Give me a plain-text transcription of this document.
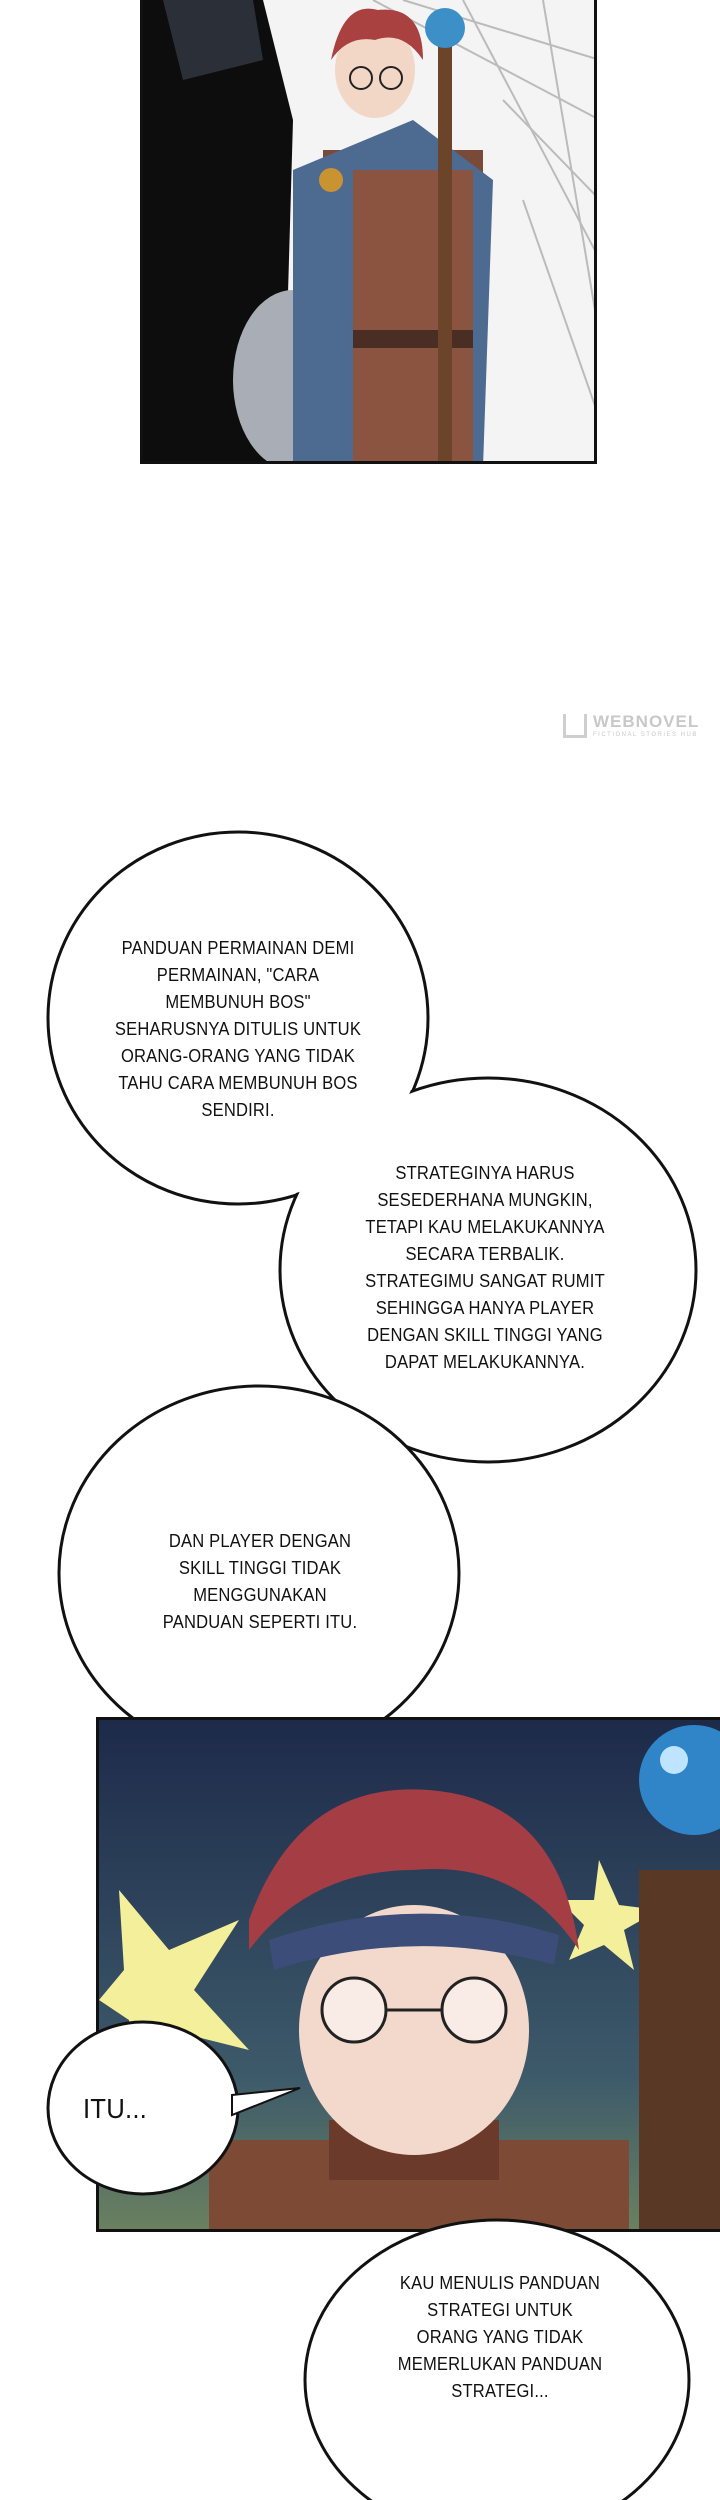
WEBNOVEL
FICTIONAL STORIES HUB
PANDUAN PERMAINAN DEMI
PERMAINAN, "CARA
MEMBUNUH BOS"
SEHARUSNYA DITULIS UNTUK
ORANG-ORANG YANG TIDAK
TAHU CARA MEMBUNUH BOS
SENDIRI.
STRATEGINYA HARUS
SESEDERHANA MUNGKIN,
TETAPI KAU MELAKUKANNYA
SECARA TERBALIK.
STRATEGIMU SANGAT RUMIT
SEHINGGA HANYA PLAYER
DENGAN SKILL TINGGI YANG
DAPAT MELAKUKANNYA.
DAN PLAYER DENGAN
SKILL TINGGI TIDAK
MENGGUNAKAN
PANDUAN SEPERTI ITU.
ITU...
KAU MENULIS PANDUAN
STRATEGI UNTUK
ORANG YANG TIDAK
MEMERLUKAN PANDUAN
STRATEGI...
